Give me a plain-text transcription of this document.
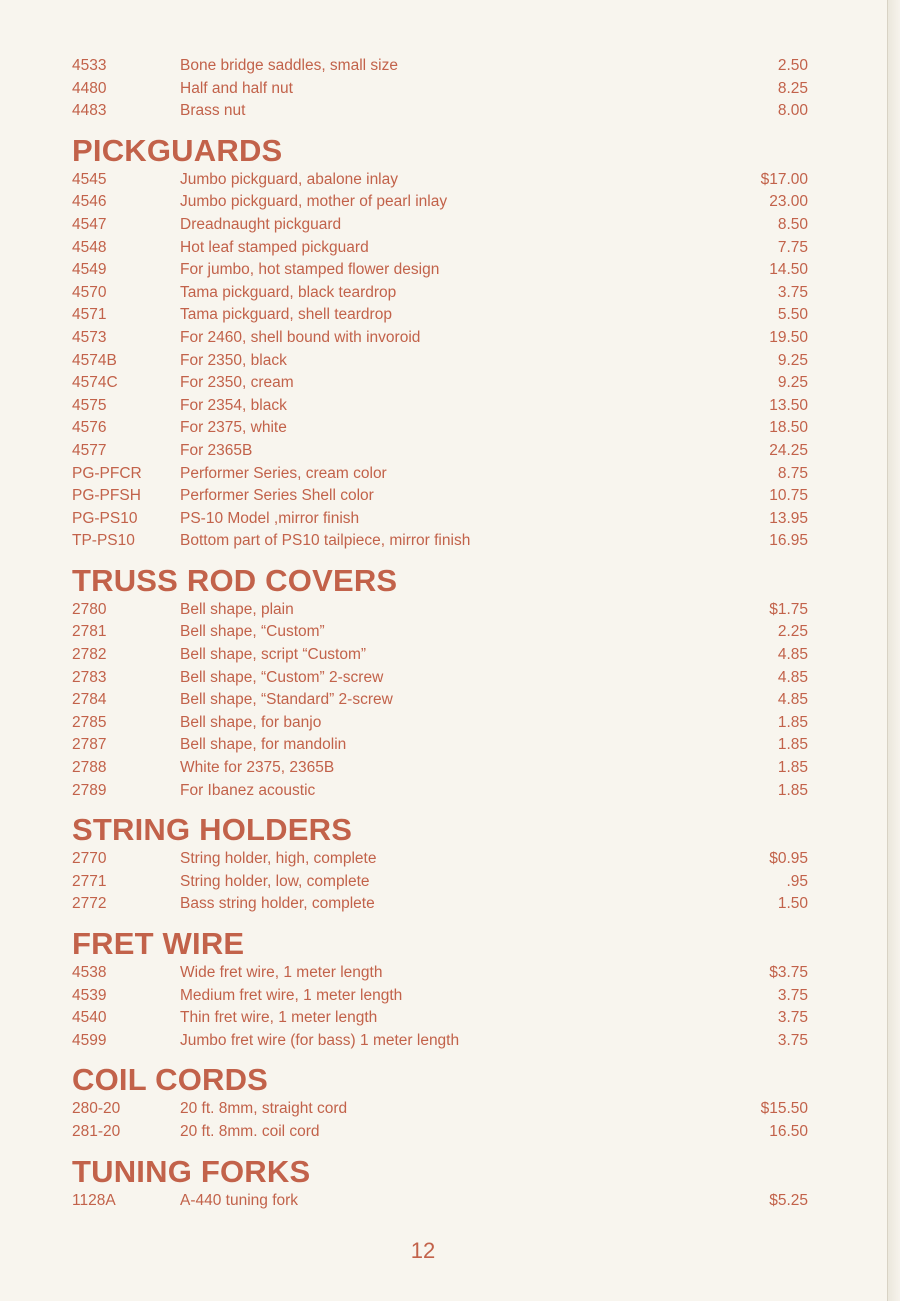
4533	Bone bridge saddles, small size	2.50
4480	Half and half nut	8.25
4483	Brass nut	8.00
PICKGUARDS
4545	Jumbo pickguard, abalone inlay	$17.00
4546	Jumbo pickguard, mother of pearl inlay	23.00
4547	Dreadnaught pickguard	8.50
4548	Hot leaf stamped pickguard	7.75
4549	For jumbo, hot stamped flower design	14.50
4570	Tama pickguard, black teardrop	3.75
4571	Tama pickguard, shell teardrop	5.50
4573	For 2460, shell bound with invoroid	19.50
4574B	For 2350, black	9.25
4574C	For 2350, cream	9.25
4575	For 2354, black	13.50
4576	For 2375, white	18.50
4577	For 2365B	24.25
PG-PFCR	Performer Series, cream color	8.75
PG-PFSH	Performer Series Shell color	10.75
PG-PS10	PS-10 Model ,mirror finish	13.95
TP-PS10	Bottom part of PS10 tailpiece, mirror finish	16.95
TRUSS ROD COVERS
2780	Bell shape, plain	$1.75
2781	Bell shape, “Custom”	2.25
2782	Bell shape, script “Custom”	4.85
2783	Bell shape, “Custom” 2-screw	4.85
2784	Bell shape, “Standard” 2-screw	4.85
2785	Bell shape, for banjo	1.85
2787	Bell shape, for mandolin	1.85
2788	White for 2375, 2365B	1.85
2789	For Ibanez acoustic	1.85
STRING HOLDERS
2770	String holder, high, complete	$0.95
2771	String holder, low, complete	.95
2772	Bass string holder, complete	1.50
FRET WIRE
4538	Wide fret wire, 1 meter length	$3.75
4539	Medium fret wire, 1 meter length	3.75
4540	Thin fret wire, 1 meter length	3.75
4599	Jumbo fret wire (for bass) 1 meter length	3.75
COIL CORDS
280-20	20 ft. 8mm, straight cord	$15.50
281-20	20 ft. 8mm. coil cord	16.50
TUNING FORKS
1128A	A-440 tuning fork	$5.25
12
